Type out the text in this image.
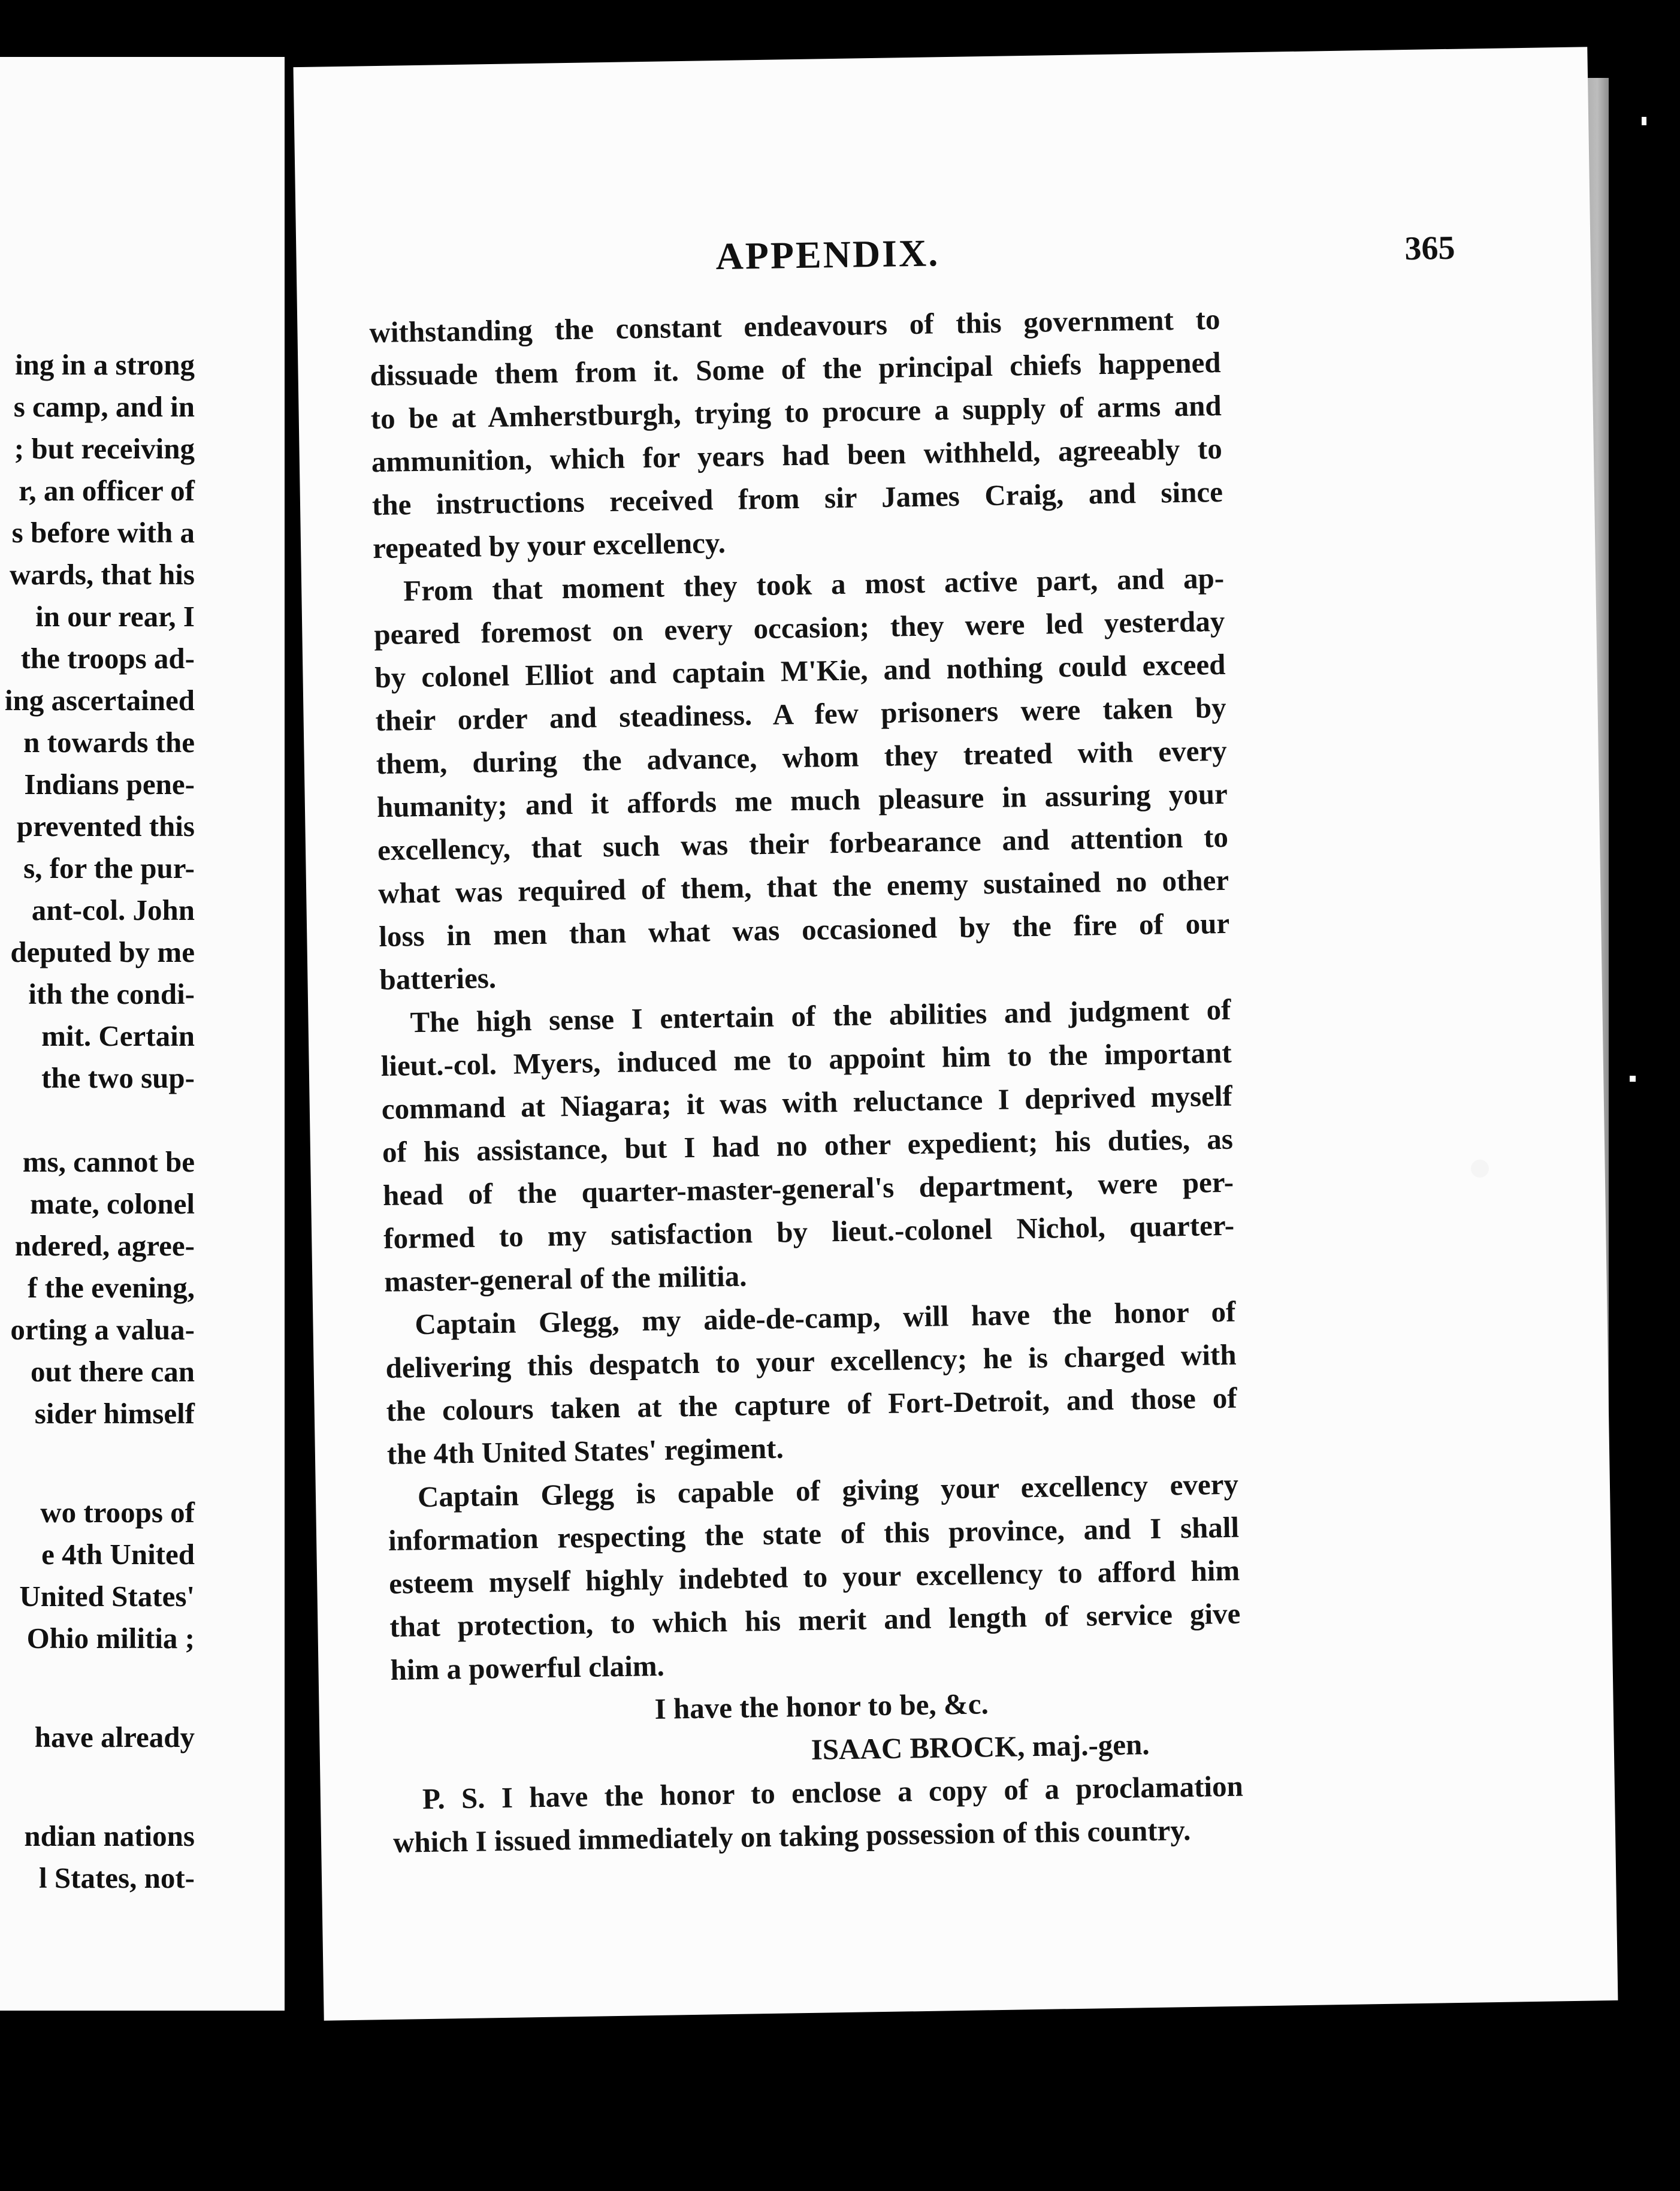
ing in a strong
s camp, and in
; but receiving
r, an officer of
s before with a
wards, that his
in our rear, I
the troops ad-
ing ascertained
n towards the
Indians pene-
prevented this
s, for the pur-
ant-col. John
deputed by me
ith the condi-
mit. Certain
the two sup-
ms, cannot be
mate, colonel
ndered, agree-
f the evening,
orting a valua-
out there can
sider himself
wo troops of
e 4th United
United States'
Ohio militia ;
have already
ndian nations
l States, not-
APPENDIX.	365
withstanding the constant endeavours of this government to
dissuade them from it. Some of the principal chiefs happened
to be at Amherstburgh, trying to procure a supply of arms and
ammunition, which for years had been withheld, agreeably to
the instructions received from sir James Craig, and since
repeated by your excellency.
From that moment they took a most active part, and ap-
peared foremost on every occasion; they were led yesterday
by colonel Elliot and captain M'Kie, and nothing could exceed
their order and steadiness. A few prisoners were taken by
them, during the advance, whom they treated with every
humanity; and it affords me much pleasure in assuring your
excellency, that such was their forbearance and attention to
what was required of them, that the enemy sustained no other
loss in men than what was occasioned by the fire of our
batteries.
The high sense I entertain of the abilities and judgment of
lieut.-col. Myers, induced me to appoint him to the important
command at Niagara; it was with reluctance I deprived myself
of his assistance, but I had no other expedient; his duties, as
head of the quarter-master-general's department, were per-
formed to my satisfaction by lieut.-colonel Nichol, quarter-
master-general of the militia.
Captain Glegg, my aide-de-camp, will have the honor of
delivering this despatch to your excellency; he is charged with
the colours taken at the capture of Fort-Detroit, and those of
the 4th United States' regiment.
Captain Glegg is capable of giving your excellency every
information respecting the state of this province, and I shall
esteem myself highly indebted to your excellency to afford him
that protection, to which his merit and length of service give
him a powerful claim.
I have the honor to be, &c.
ISAAC BROCK, maj.-gen.
P. S. I have the honor to enclose a copy of a proclamation
which I issued immediately on taking possession of this country.
